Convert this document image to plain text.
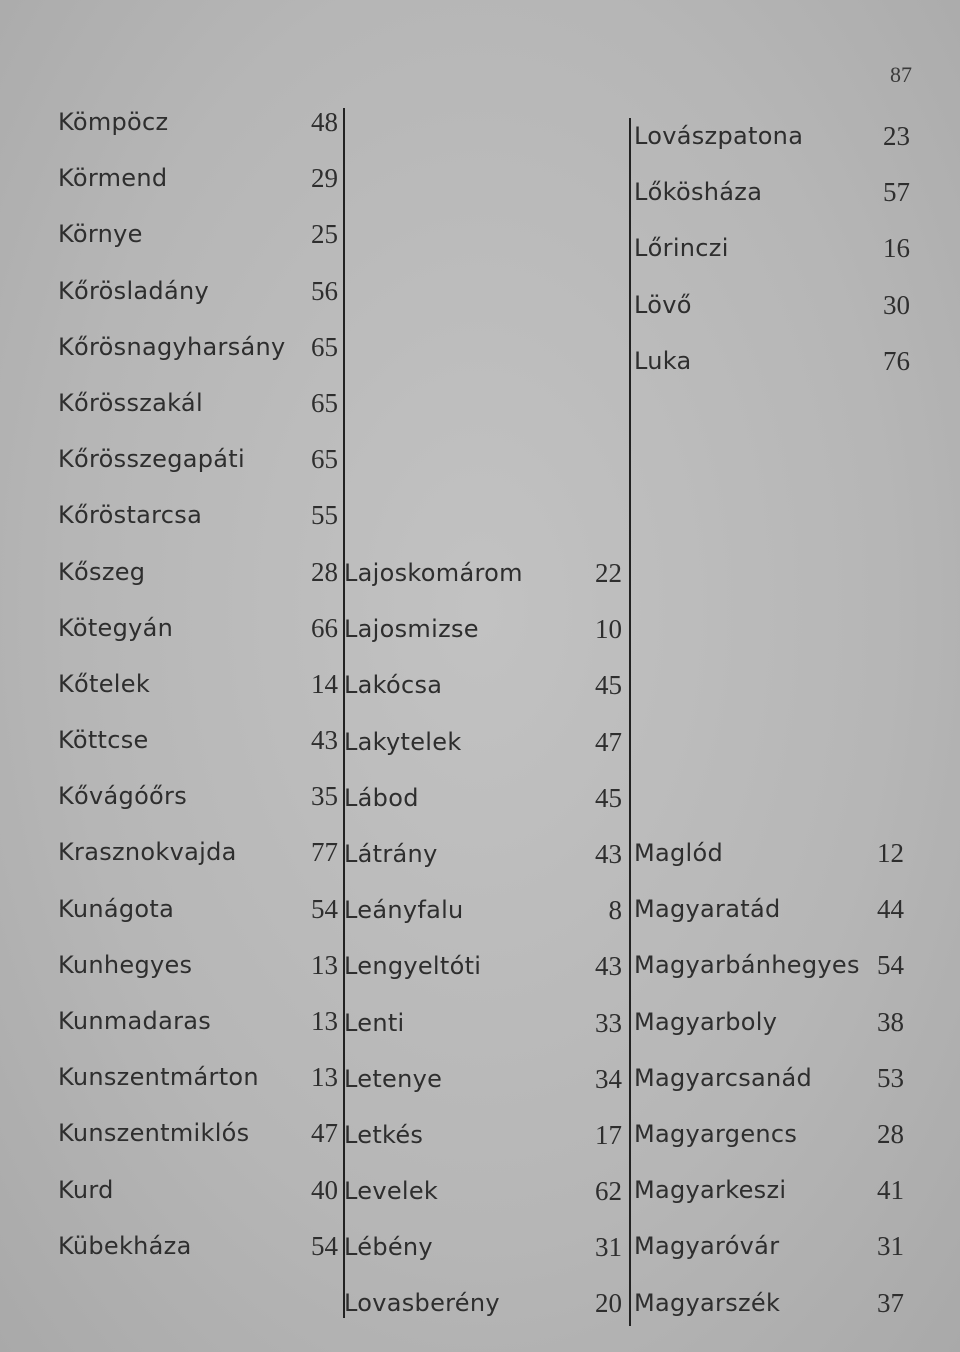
87
Kömpöcz	48
Körmend	29
Környe	25
Kőrösladány	56
Kőrösnagyharsány 65
Kőrösszakál	65
Kőrösszegapáti 65
Kőröstarcsa	55
Kőszeg	28
Kötegyán	66
Kőtelek	14
Köttcse	43
Kővágóőrs	35
Krasznokvajda	77
Kunágota	54
Kunhegyes	13
Kunmadaras	13
Kunszentmárton 13
Kunszentmiklós 47
Kurd	40
Kübekháza	54
Lajoskomárom	22
Lajosmizse	10
Lakócsa	45
Lakytelek	47
Lábod	45
Látrány	43
Leányfalu	8
Lengyeltóti	43
Lenti	33
Letenye	34
Letkés	17
Levelek	62
Lébény	31
Lovasberény	20
Lovászpatona	23
Lőkösháza	57
Lőrinczi	16
Lövő	30
Luka	76
Maglód	12
Magyaratád	44
Magyarbánhegyes 54
Magyarboly	38
Magyarcsanád 53
Magyargencs	28
Magyarkeszi	41
Magyaróvár	31
Magyarszék	37
